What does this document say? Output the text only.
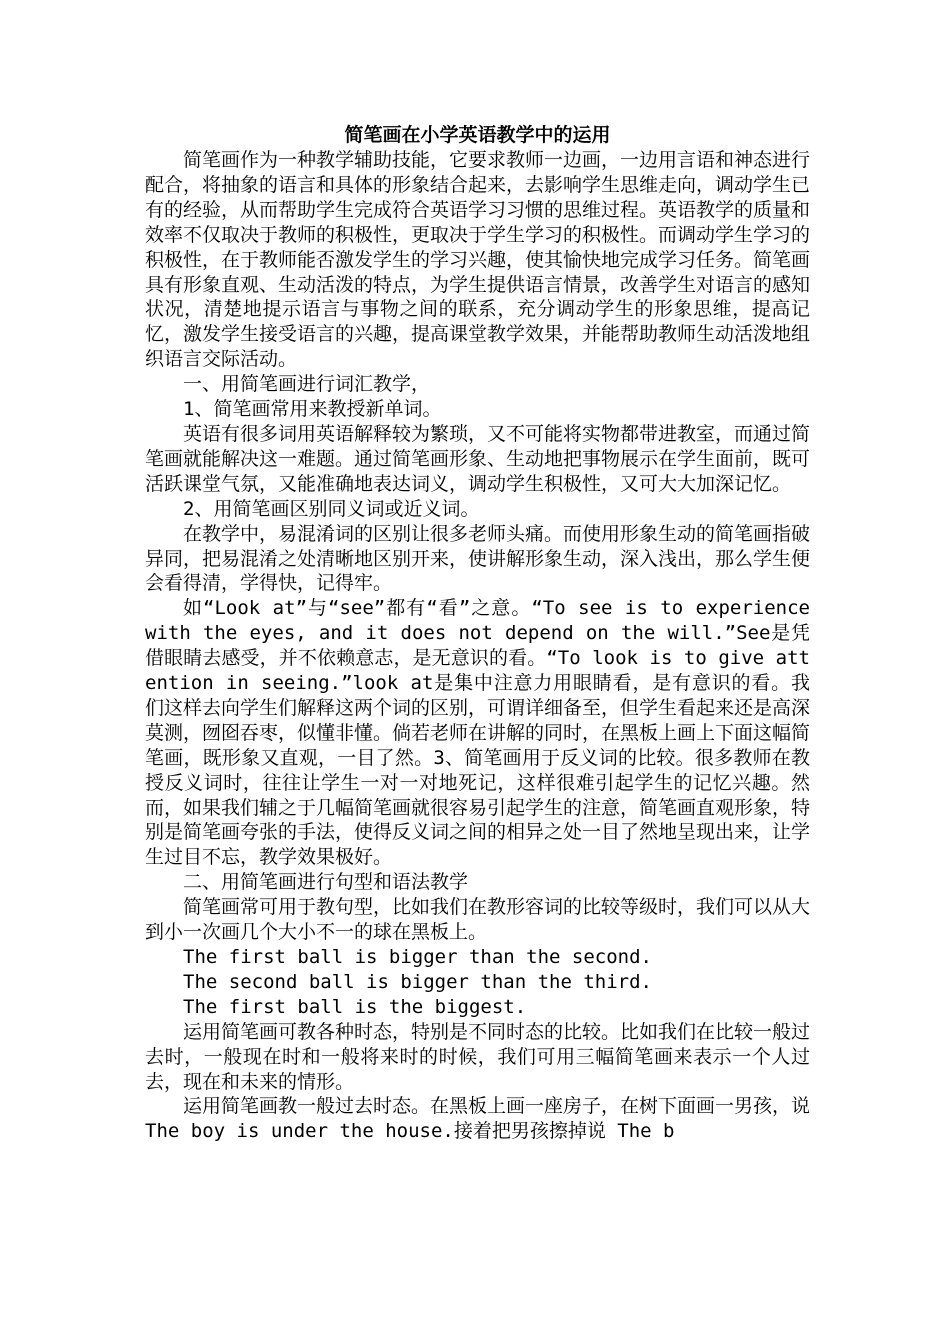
简笔画在小学英语教学中的运用

简笔画作为一种教学辅助技能，它要求教师一边画，一边用言语和神态进行配合，将抽象的语言和具体的形象结合起来，去影响学生思维走向，调动学生已有的经验，从而帮助学生完成符合英语学习习惯的思维过程。英语教学的质量和效率不仅取决于教师的积极性，更取决于学生学习的积极性。而调动学生学习的积极性，在于教师能否激发学生的学习兴趣，使其愉快地完成学习任务。简笔画具有形象直观、生动活泼的特点，为学生提供语言情景，改善学生对语言的感知状况，清楚地提示语言与事物之间的联系，充分调动学生的形象思维，提高记忆，激发学生接受语言的兴趣，提高课堂教学效果，并能帮助教师生动活泼地组织语言交际活动。

一、用简笔画进行词汇教学，

1、简笔画常用来教授新单词。

英语有很多词用英语解释较为繁琐，又不可能将实物都带进教室，而通过简笔画就能解决这一难题。通过简笔画形象、生动地把事物展示在学生面前，既可活跃课堂气氛，又能准确地表达词义，调动学生积极性，又可大大加深记忆。

2、用简笔画区别同义词或近义词。

在教学中，易混淆词的区别让很多老师头痛。而使用形象生动的简笔画指破异同，把易混淆之处清晰地区别开来，使讲解形象生动，深入浅出，那么学生便会看得清，学得快，记得牢。

如“Look at”与“see”都有“看”之意。“To see is to experience with the eyes, and it does not depend on the will.”See是凭借眼睛去感受，并不依赖意志，是无意识的看。“To look is to give attention in seeing.”look at是集中注意力用眼睛看，是有意识的看。我们这样去向学生们解释这两个词的区别，可谓详细备至，但学生看起来还是高深莫测，囫囵吞枣，似懂非懂。倘若老师在讲解的同时，在黑板上画上下面这幅简笔画，既形象又直观，一目了然。3、简笔画用于反义词的比较。很多教师在教授反义词时，往往让学生一对一对地死记，这样很难引起学生的记忆兴趣。然而，如果我们辅之于几幅简笔画就很容易引起学生的注意，简笔画直观形象，特别是简笔画夸张的手法，使得反义词之间的相异之处一目了然地呈现出来，让学生过目不忘，教学效果极好。

二、用简笔画进行句型和语法教学

简笔画常可用于教句型，比如我们在教形容词的比较等级时，我们可以从大到小一次画几个大小不一的球在黑板上。

The first ball is bigger than the second.

The second ball is bigger than the third.

The first ball is the biggest.

运用简笔画可教各种时态，特别是不同时态的比较。比如我们在比较一般过去时，一般现在时和一般将来时的时候，我们可用三幅简笔画来表示一个人过去，现在和未来的情形。

运用简笔画教一般过去时态。在黑板上画一座房子，在树下面画一男孩，说 The boy is under the house.接着把男孩擦掉说 The b
